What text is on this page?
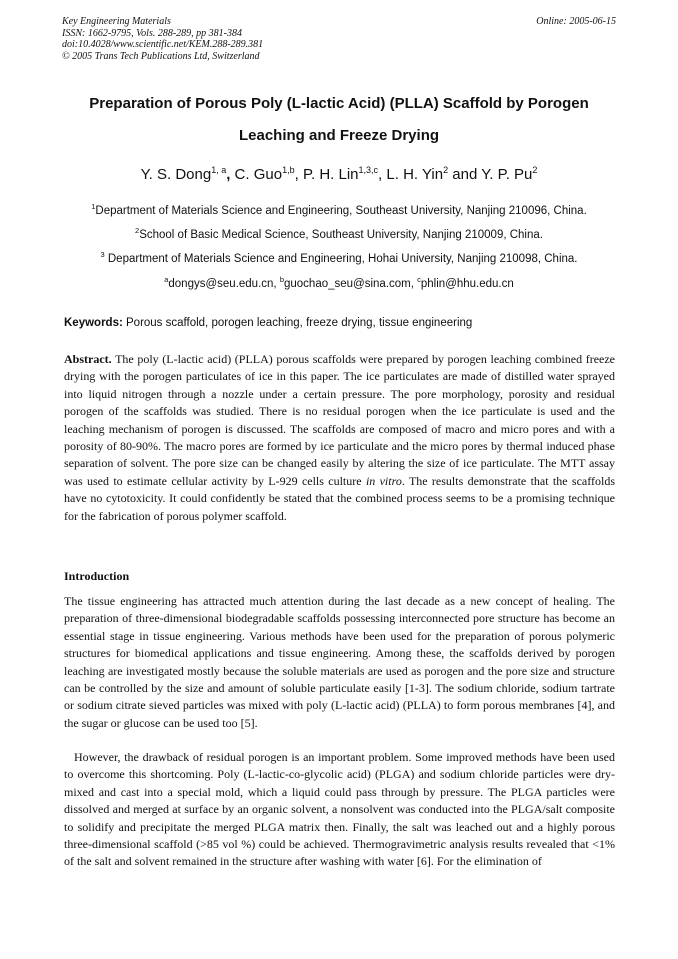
Key Engineering Materials
ISSN: 1662-9795, Vols. 288-289, pp 381-384
doi:10.4028/www.scientific.net/KEM.288-289.381
© 2005 Trans Tech Publications Ltd, Switzerland
Online: 2005-06-15
Preparation of Porous Poly (L-lactic Acid) (PLLA) Scaffold by Porogen
Leaching and Freeze Drying
Y. S. Dong$^{1, a}$, C. Guo$^{1,b}$, P. H. Lin$^{1,3,c}$, L. H. Yin$^2$ and Y. P. Pu$^2$
$^1$Department of Materials Science and Engineering, Southeast University, Nanjing 210096, China.
$^2$School of Basic Medical Science, Southeast University, Nanjing 210009, China.
$^3$ Department of Materials Science and Engineering, Hohai University, Nanjing 210098, China.
$^a$dongys@seu.edu.cn, $^b$guochao_seu@sina.com, $^c$phlin@hhu.edu.cn
Keywords: Porous scaffold, porogen leaching, freeze drying, tissue engineering
Abstract. The poly (L-lactic acid) (PLLA) porous scaffolds were prepared by porogen leaching combined freeze drying with the porogen particulates of ice in this paper. The ice particulates are made of distilled water sprayed into liquid nitrogen through a nozzle under a certain pressure. The pore morphology, porosity and residual porogen of the scaffolds was studied. There is no residual porogen when the ice particulate is used and the leaching mechanism of porogen is discussed. The scaffolds are composed of macro and micro pores and with a porosity of 80-90%. The macro pores are formed by ice particulate and the micro pores by thermal induced phase separation of solvent. The pore size can be changed easily by altering the size of ice particulate. The MTT assay was used to estimate cellular activity by L-929 cells culture in vitro. The results demonstrate that the scaffolds have no cytotoxicity. It could confidently be stated that the combined process seems to be a promising technique for the fabrication of porous polymer scaffold.
Introduction
The tissue engineering has attracted much attention during the last decade as a new concept of healing. The preparation of three-dimensional biodegradable scaffolds possessing interconnected pore structure has become an essential stage in tissue engineering. Various methods have been used for the preparation of porous polymeric structures for biomedical applications and tissue engineering. Among these, the scaffolds derived by porogen leaching are investigated mostly because the soluble materials are used as porogen and the pore size and structure can be controlled by the size and amount of soluble particulate easily [1-3]. The sodium chloride, sodium tartrate or sodium citrate sieved particles was mixed with poly (L-lactic acid) (PLLA) to form porous membranes [4], and the sugar or glucose can be used too [5].
However, the drawback of residual porogen is an important problem. Some improved methods have been used to overcome this shortcoming. Poly (L-lactic-co-glycolic acid) (PLGA) and sodium chloride particles were dry-mixed and cast into a special mold, which a liquid could pass through by pressure. The PLGA particles were dissolved and merged at surface by an organic solvent, a nonsolvent was conducted into the PLGA/salt composite to solidify and precipitate the merged PLGA matrix then. Finally, the salt was leached out and a highly porous three-dimensional scaffold (>85 vol %) could be achieved. Thermogravimetric analysis results revealed that <1% of the salt and solvent remained in the structure after washing with water [6]. For the elimination of
